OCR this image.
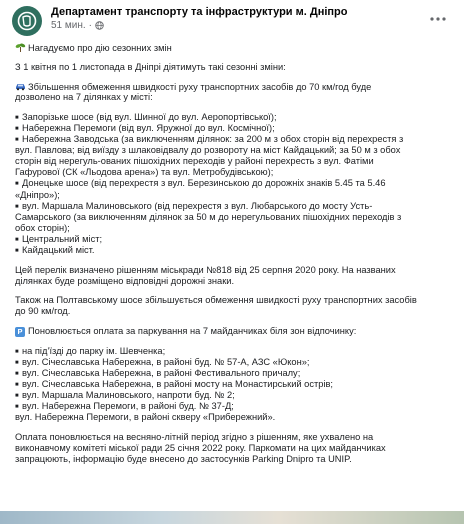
Департамент транспорту та інфраструктури м. Дніпро
51 мин. ·
Нагадуємо про дію сезонних змін
З 1 квітня по 1 листопада в Дніпрі діятимуть такі сезонні зміни:
Збільшення обмеження швидкості руху транспортних засобів до 70 км/год буде
дозволено на 7 ділянках у місті:
■ Запорізьке шосе (від вул. Шинної до вул. Аеропортівської);
■ Набережна Перемоги (від вул. Яружної до вул. Космічної);
■ Набережна Заводська (за виключенням ділянок: за 200 м з обох сторін від перехрестя з
вул. Павлова; від виїзду з шлаковідвалу до розвороту на міст Кайдацький; за 50 м з обох
сторін від нерегуль-ованих пішохідних переходів у районі перехресть з вул. Фатіми
Гафурової (СК «Льодова арена») та вул. Метробудівською);
■ Донецьке шосе (від перехрестя з вул. Березинською до дорожніх знаків 5.45 та 5.46
«Дніпро»);
■ вул. Маршала Малиновського (від перехрестя з вул. Любарського до мосту Усть-
Самарського (за виключенням ділянок за 50 м до нерегульованих пішохідних переходів з
обох сторін);
■ Центральний міст;
■ Кайдацький міст.
Цей перелік визначено рішенням міськради №818 від 25 серпня 2020 року. На названих
ділянках буде розміщено відповідні дорожні знаки.
Також на Полтавському шосе збільшується обмеження швидкості руху транспортних засобів
до 90 км/год.
P Поновлюється оплата за паркування на 7 майданчиках біля зон відпочинку:
■ на під’їзді до парку ім. Шевченка;
■ вул. Січеславська Набережна, в районі буд. № 57-А, АЗС «Юкон»;
■ вул. Січеславська Набережна, в районі Фестивального причалу;
■ вул. Січеславська Набережна, в районі мосту на Монастирський острів;
■ вул. Маршала Малиновського, напроти буд. № 2;
■ вул. Набережна Перемоги, в районі буд. № 37-Д;
вул. Набережна Перемоги, в районі скверу «Прибережний».
Оплата поновлюється на весняно-літній період згідно з рішенням, яке ухвалено на
виконавчому комітеті міської ради 25 січня 2022 року. Паркомати на цих майданчиках
запрацюють, інформацію буде внесено до застосунків Parking Dnipro та UNIP.
